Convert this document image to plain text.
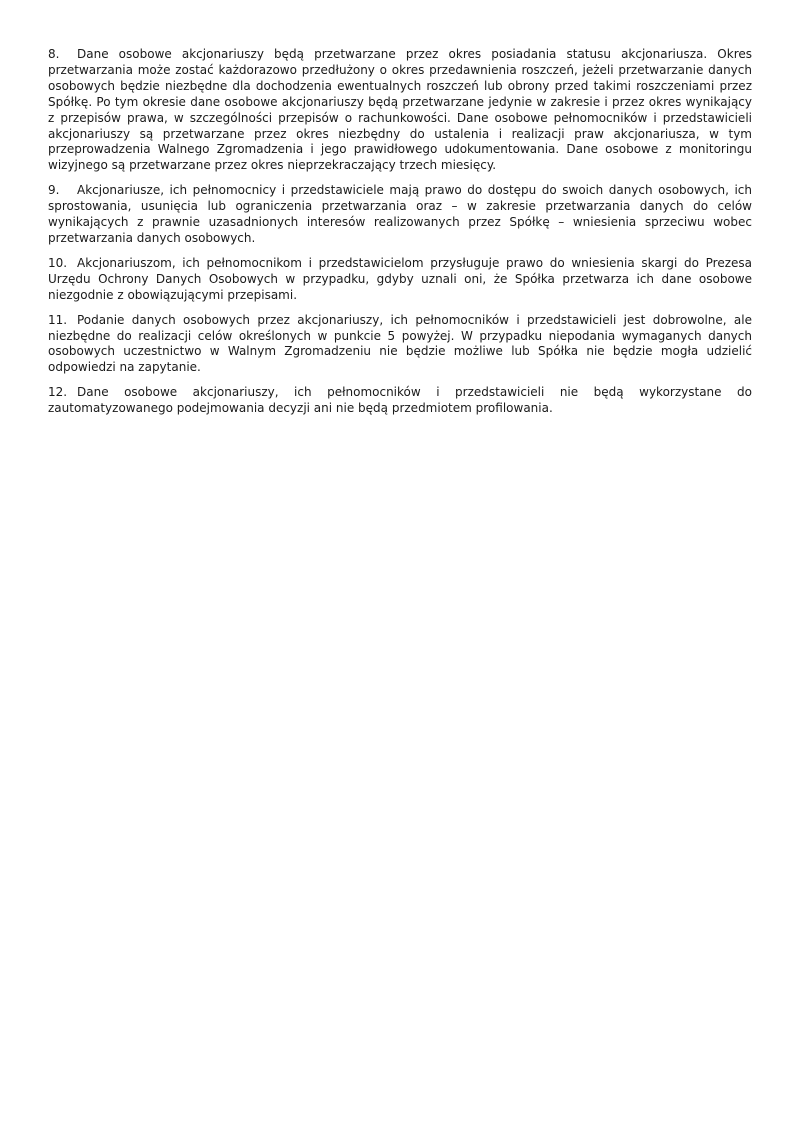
8. Dane osobowe akcjonariuszy będą przetwarzane przez okres posiadania statusu akcjonariusza. Okres przetwarzania może zostać każdorazowo przedłużony o okres przedawnienia roszczeń, jeżeli przetwarzanie danych osobowych będzie niezbędne dla dochodzenia ewentualnych roszczeń lub obrony przed takimi roszczeniami przez Spółkę. Po tym okresie dane osobowe akcjonariuszy będą przetwarzane jedynie w zakresie i przez okres wynikający z przepisów prawa, w szczególności przepisów o rachunkowości. Dane osobowe pełnomocników i przedstawicieli akcjonariuszy są przetwarzane przez okres niezbędny do ustalenia i realizacji praw akcjonariusza, w tym przeprowadzenia Walnego Zgromadzenia i jego prawidłowego udokumentowania. Dane osobowe z monitoringu wizyjnego są przetwarzane przez okres nieprzekraczający trzech miesięcy.

9. Akcjonariusze, ich pełnomocnicy i przedstawiciele mają prawo do dostępu do swoich danych osobowych, ich sprostowania, usunięcia lub ograniczenia przetwarzania oraz – w zakresie przetwarzania danych do celów wynikających z prawnie uzasadnionych interesów realizowanych przez Spółkę – wniesienia sprzeciwu wobec przetwarzania danych osobowych.

10. Akcjonariuszom, ich pełnomocnikom i przedstawicielom przysługuje prawo do wniesienia skargi do Prezesa Urzędu Ochrony Danych Osobowych w przypadku, gdyby uznali oni, że Spółka przetwarza ich dane osobowe niezgodnie z obowiązującymi przepisami.

11. Podanie danych osobowych przez akcjonariuszy, ich pełnomocników i przedstawicieli jest dobrowolne, ale niezbędne do realizacji celów określonych w punkcie 5 powyżej. W przypadku niepodania wymaganych danych osobowych uczestnictwo w Walnym Zgromadzeniu nie będzie możliwe lub Spółka nie będzie mogła udzielić odpowiedzi na zapytanie.

12. Dane osobowe akcjonariuszy, ich pełnomocników i przedstawicieli nie będą wykorzystane do zautomatyzowanego podejmowania decyzji ani nie będą przedmiotem profilowania.
